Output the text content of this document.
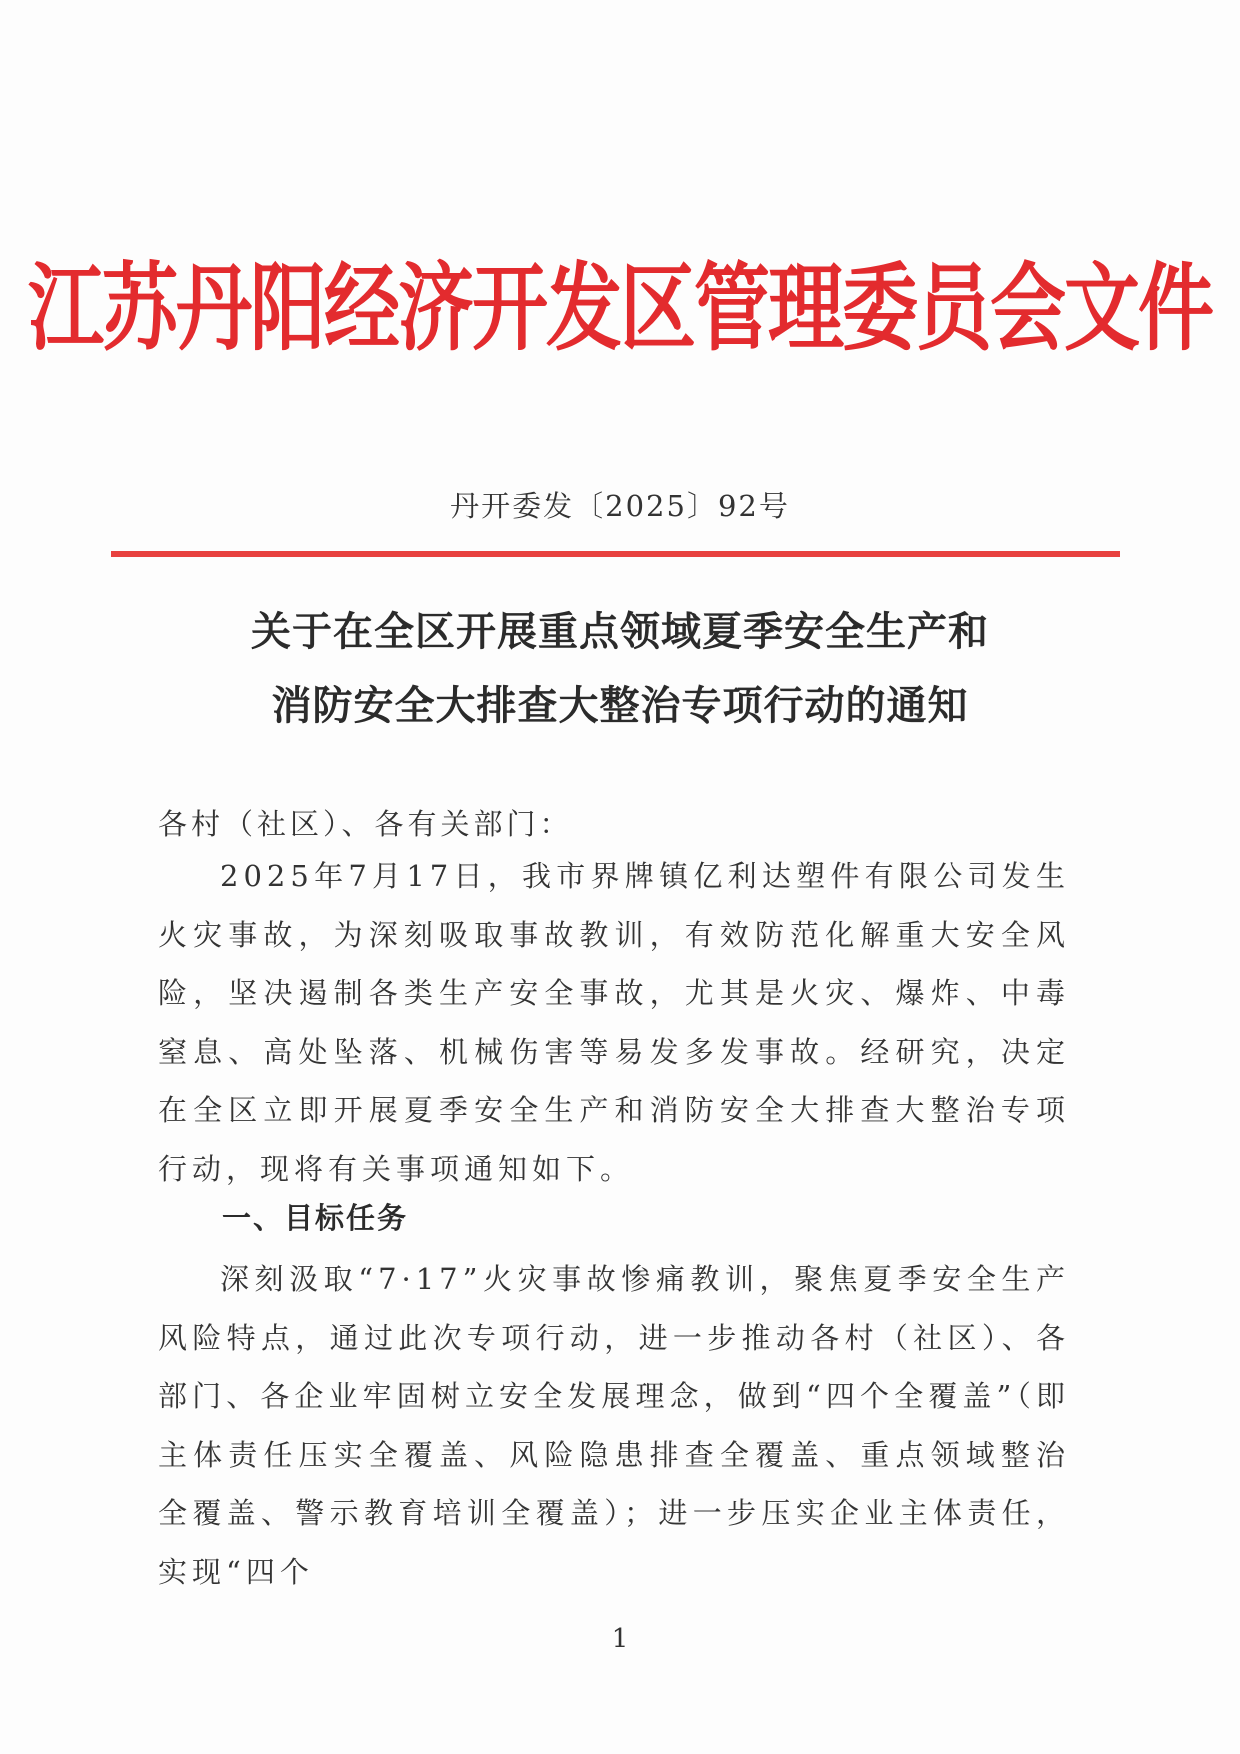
江苏丹阳经济开发区管理委员会文件
丹开委发〔2025〕92号
关于在全区开展重点领域夏季安全生产和
消防安全大排查大整治专项行动的通知
各村（社区）、各有关部门：
2025年7月17日，我市界牌镇亿利达塑件有限公司发生火灾事故，为深刻吸取事故教训，有效防范化解重大安全风险，坚决遏制各类生产安全事故，尤其是火灾、爆炸、中毒窒息、高处坠落、机械伤害等易发多发事故。经研究，决定在全区立即开展夏季安全生产和消防安全大排查大整治专项行动，现将有关事项通知如下。
一、目标任务
深刻汲取“7·17”火灾事故惨痛教训，聚焦夏季安全生产风险特点，通过此次专项行动，进一步推动各村（社区）、各部门、各企业牢固树立安全发展理念，做到“四个全覆盖”（即主体责任压实全覆盖、风险隐患排查全覆盖、重点领域整治全覆盖、警示教育培训全覆盖）；进一步压实企业主体责任，实现“四个
1
